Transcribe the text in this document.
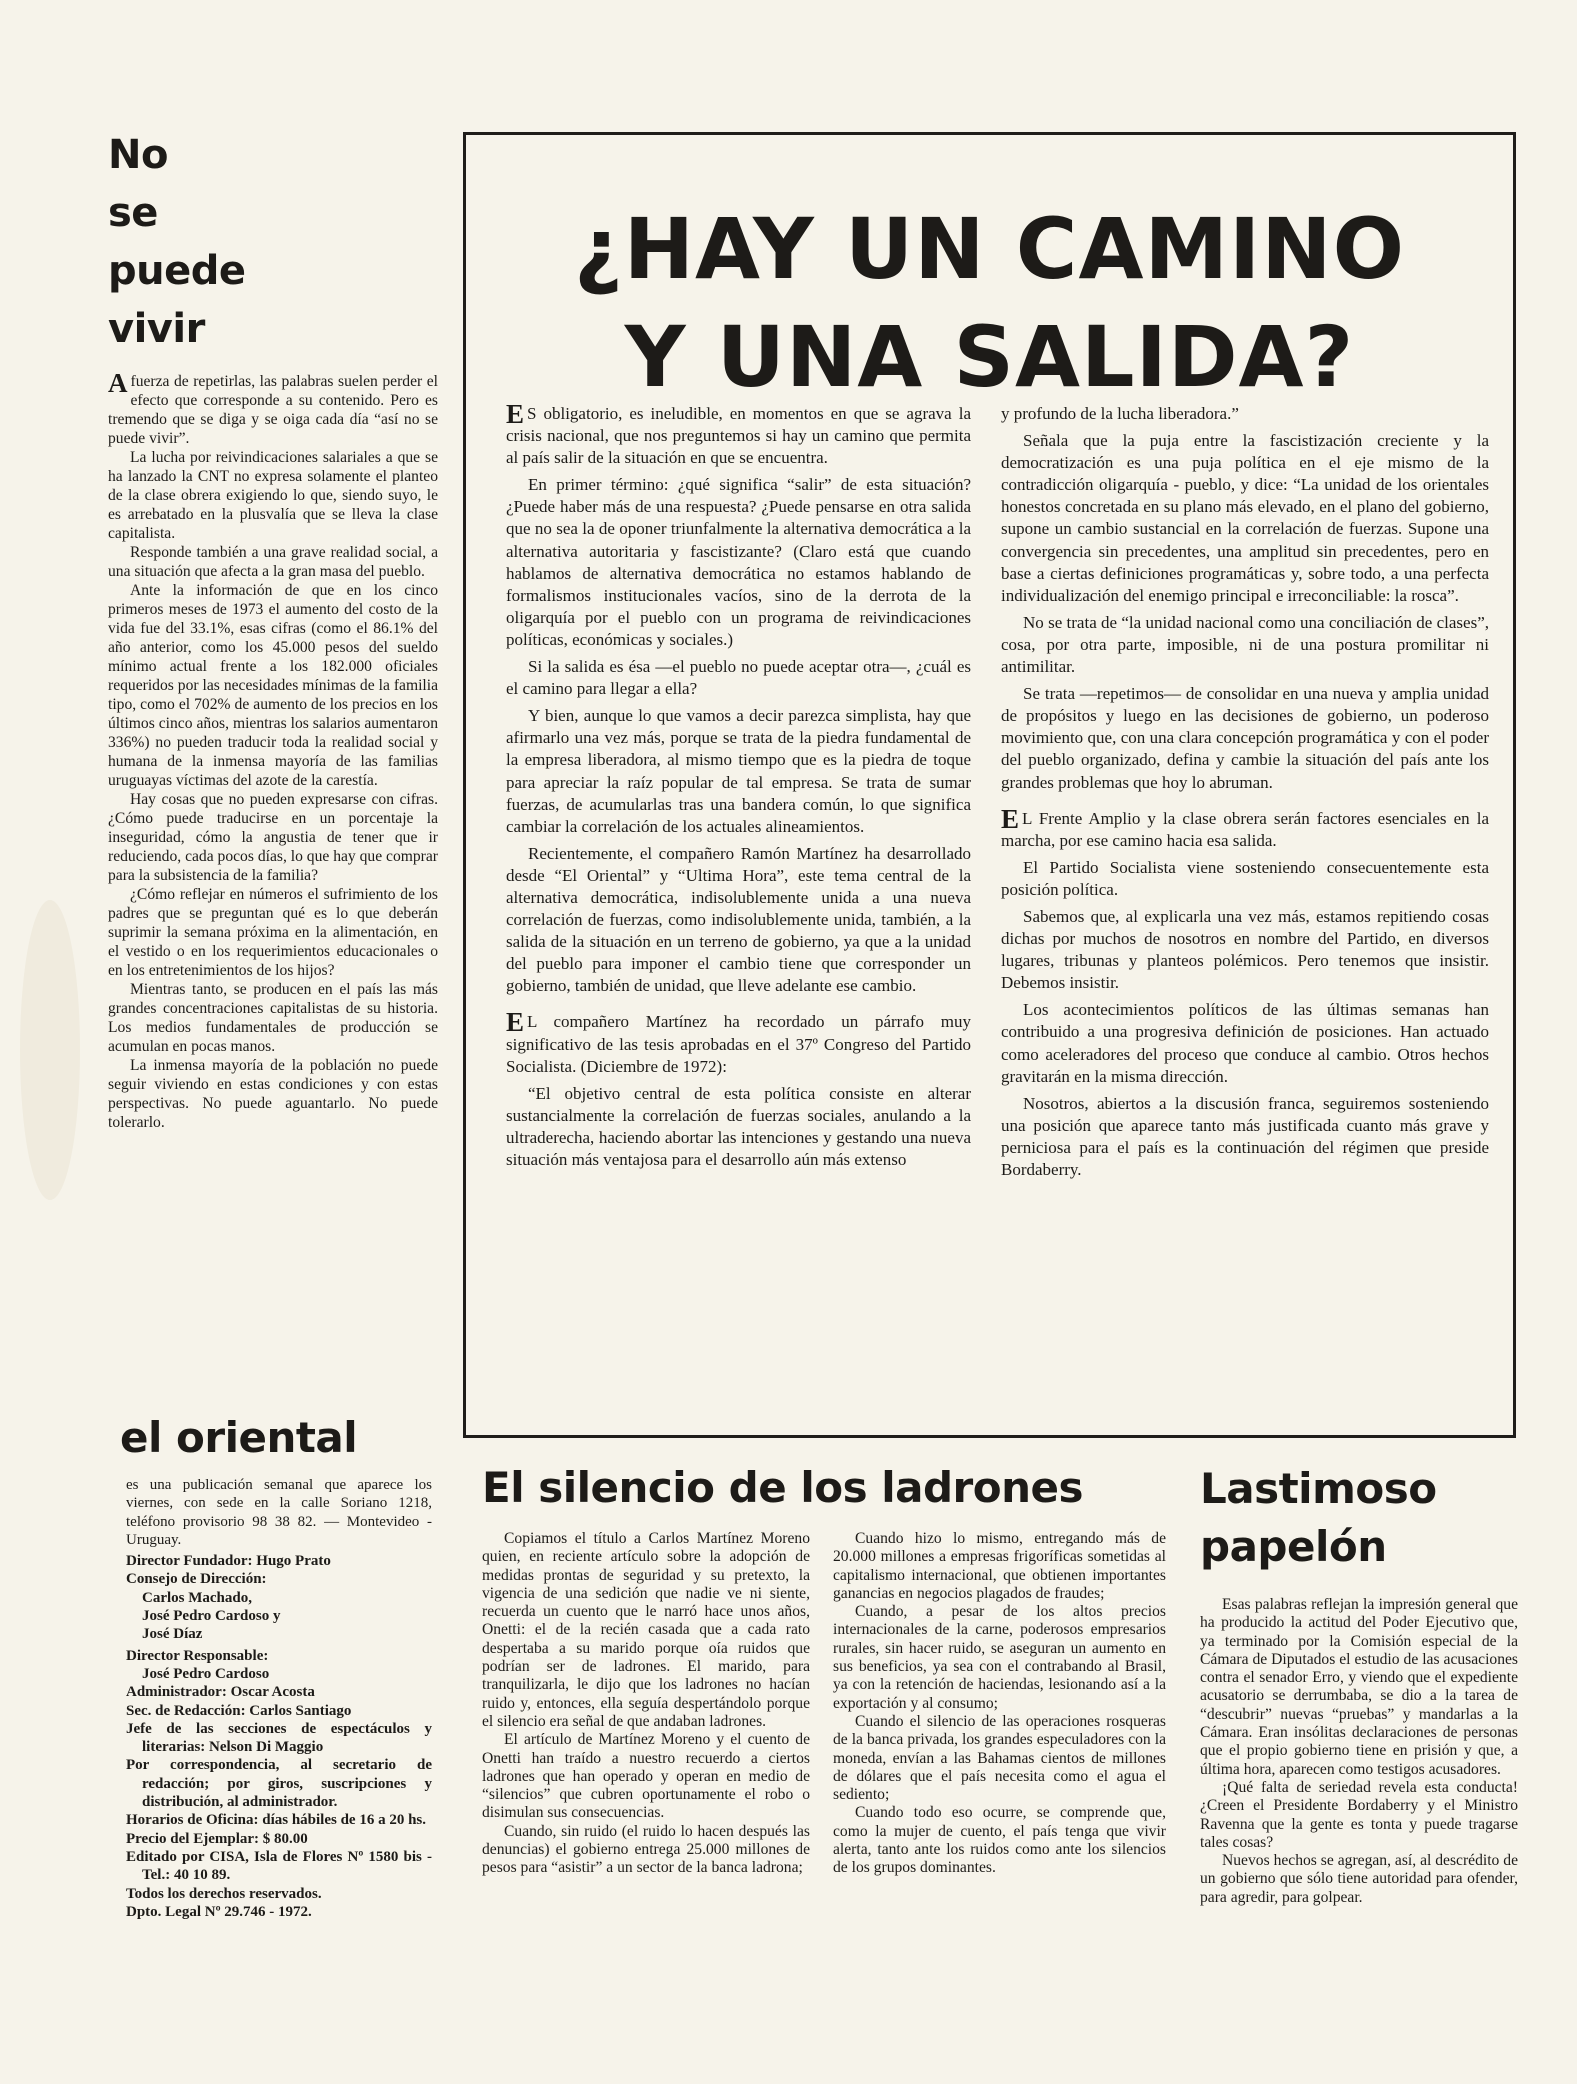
No
se
puede
vivir

Afuerza de repetirlas, las palabras suelen perder el efecto que corresponde a su contenido. Pero es tremendo que se diga y se oiga cada día “así no se puede vivir”.

La lucha por reivindicaciones salariales a que se ha lanzado la CNT no expresa solamente el planteo de la clase obrera exigiendo lo que, siendo suyo, le es arrebatado en la plusvalía que se lleva la clase capitalista.

Responde también a una grave realidad social, a una situación que afecta a la gran masa del pueblo.

Ante la información de que en los cinco primeros meses de 1973 el aumento del costo de la vida fue del 33.1%, esas cifras (como el 86.1% del año anterior, como los 45.000 pesos del sueldo mínimo actual frente a los 182.000 oficiales requeridos por las necesidades mínimas de la familia tipo, como el 702% de aumento de los precios en los últimos cinco años, mientras los salarios aumentaron 336%) no pueden traducir toda la realidad social y humana de la inmensa mayoría de las familias uruguayas víctimas del azote de la carestía.

Hay cosas que no pueden expresarse con cifras. ¿Cómo puede traducirse en un porcentaje la inseguridad, cómo la angustia de tener que ir reduciendo, cada pocos días, lo que hay que comprar para la subsistencia de la familia?

¿Cómo reflejar en números el sufrimiento de los padres que se preguntan qué es lo que deberán suprimir la semana próxima en la alimentación, en el vestido o en los requerimientos educacionales o en los entretenimientos de los hijos?

Mientras tanto, se producen en el país las más grandes concentraciones capitalistas de su historia. Los medios fundamentales de producción se acumulan en pocas manos.

La inmensa mayoría de la población no puede seguir viviendo en estas condiciones y con estas perspectivas. No puede aguantarlo. No puede tolerarlo.

¿HAY UN CAMINO
Y UNA SALIDA?

E S obligatorio, es ineludible, en momentos en que se agrava la crisis nacional, que nos preguntemos si hay un camino que permita al país salir de la situación en que se encuentra.

En primer término: ¿qué significa “salir” de esta situación? ¿Puede haber más de una respuesta? ¿Puede pensarse en otra salida que no sea la de oponer triunfalmente la alternativa democrática a la alternativa autoritaria y fascistizante? (Claro está que cuando hablamos de alternativa democrática no estamos hablando de formalismos institucionales vacíos, sino de la derrota de la oligarquía por el pueblo con un programa de reivindicaciones políticas, económicas y sociales.)

Si la salida es ésa —el pueblo no puede aceptar otra—, ¿cuál es el camino para llegar a ella?

Y bien, aunque lo que vamos a decir parezca simplista, hay que afirmarlo una vez más, porque se trata de la piedra fundamental de la empresa liberadora, al mismo tiempo que es la piedra de toque para apreciar la raíz popular de tal empresa. Se trata de sumar fuerzas, de acumularlas tras una bandera común, lo que significa cambiar la correlación de los actuales alineamientos.

Recientemente, el compañero Ramón Martínez ha desarrollado desde “El Oriental” y “Ultima Hora”, este tema central de la alternativa democrática, indisolublemente unida a una nueva correlación de fuerzas, como indisolublemente unida, también, a la salida de la situación en un terreno de gobierno, ya que a la unidad del pueblo para imponer el cambio tiene que corresponder un gobierno, también de unidad, que lleve adelante ese cambio.

E L compañero Martínez ha recordado un párrafo muy significativo de las tesis aprobadas en el 37º Congreso del Partido Socialista. (Diciembre de 1972):

“El objetivo central de esta política consiste en alterar sustancialmente la correlación de fuerzas sociales, anulando a la ultraderecha, haciendo abortar las intenciones y gestando una nueva situación más ventajosa para el desarrollo aún más extenso

y profundo de la lucha liberadora.”

Señala que la puja entre la fascistización creciente y la democratización es una puja política en el eje mismo de la contradicción oligarquía - pueblo, y dice: “La unidad de los orientales honestos concretada en su plano más elevado, en el plano del gobierno, supone un cambio sustancial en la correlación de fuerzas. Supone una convergencia sin precedentes, una amplitud sin precedentes, pero en base a ciertas definiciones programáticas y, sobre todo, a una perfecta individualización del enemigo principal e irreconciliable: la rosca”.

No se trata de “la unidad nacional como una conciliación de clases”, cosa, por otra parte, imposible, ni de una postura promilitar ni antimilitar.

Se trata —repetimos— de consolidar en una nueva y amplia unidad de propósitos y luego en las decisiones de gobierno, un poderoso movimiento que, con una clara concepción programática y con el poder del pueblo organizado, defina y cambie la situación del país ante los grandes problemas que hoy lo abruman.

E L Frente Amplio y la clase obrera serán factores esenciales en la marcha, por ese camino hacia esa salida.

El Partido Socialista viene sosteniendo consecuentemente esta posición política.

Sabemos que, al explicarla una vez más, estamos repitiendo cosas dichas por muchos de nosotros en nombre del Partido, en diversos lugares, tribunas y planteos polémicos. Pero tenemos que insistir. Debemos insistir.

Los acontecimientos políticos de las últimas semanas han contribuido a una progresiva definición de posiciones. Han actuado como aceleradores del proceso que conduce al cambio. Otros hechos gravitarán en la misma dirección.

Nosotros, abiertos a la discusión franca, seguiremos sosteniendo una posición que aparece tanto más justificada cuanto más grave y perniciosa para el país es la continuación del régimen que preside Bordaberry.

el oriental

es una publicación semanal que aparece los viernes, con sede en la calle Soriano 1218, teléfono provisorio 98 38 82. — Montevideo - Uruguay.

Director Fundador: Hugo Prato

Consejo de Dirección:

Carlos Machado,

José Pedro Cardoso y

José Díaz

Director Responsable:

José Pedro Cardoso

Administrador: Oscar Acosta

Sec. de Redacción: Carlos Santiago

Jefe de las secciones de espectáculos y literarias: Nelson Di Maggio

Por correspondencia, al secretario de redacción; por giros, suscripciones y distribución, al administrador.

Horarios de Oficina: días hábiles de 16 a 20 hs.

Precio del Ejemplar: $ 80.00

Editado por CISA, Isla de Flores Nº 1580 bis - Tel.: 40 10 89.

Todos los derechos reservados.

Dpto. Legal Nº 29.746 - 1972.

El silencio de los ladrones

Copiamos el título a Carlos Martínez Moreno quien, en reciente artículo sobre la adopción de medidas prontas de seguridad y su pretexto, la vigencia de una sedición que nadie ve ni siente, recuerda un cuento que le narró hace unos años, Onetti: el de la recién casada que a cada rato despertaba a su marido porque oía ruidos que podrían ser de ladrones. El marido, para tranquilizarla, le dijo que los ladrones no hacían ruido y, entonces, ella seguía despertándolo porque el silencio era señal de que andaban ladrones.

El artículo de Martínez Moreno y el cuento de Onetti han traído a nuestro recuerdo a ciertos ladrones que han operado y operan en medio de “silencios” que cubren oportunamente el robo o disimulan sus consecuencias.

Cuando, sin ruido (el ruido lo hacen después las denuncias) el gobierno entrega 25.000 millones de pesos para “asistir” a un sector de la banca ladrona;

Cuando hizo lo mismo, entregando más de 20.000 millones a empresas frigoríficas sometidas al capitalismo internacional, que obtienen importantes ganancias en negocios plagados de fraudes;

Cuando, a pesar de los altos precios internacionales de la carne, poderosos empresarios rurales, sin hacer ruido, se aseguran un aumento en sus beneficios, ya sea con el contrabando al Brasil, ya con la retención de haciendas, lesionando así a la exportación y al consumo;

Cuando el silencio de las operaciones rosqueras de la banca privada, los grandes especuladores con la moneda, envían a las Bahamas cientos de millones de dólares que el país necesita como el agua el sediento;

Cuando todo eso ocurre, se comprende que, como la mujer de cuento, el país tenga que vivir alerta, tanto ante los ruidos como ante los silencios de los grupos dominantes.

Lastimoso
papelón

Esas palabras reflejan la impresión general que ha producido la actitud del Poder Ejecutivo que, ya terminado por la Comisión especial de la Cámara de Diputados el estudio de las acusaciones contra el senador Erro, y viendo que el expediente acusatorio se derrumbaba, se dio a la tarea de “descubrir” nuevas “pruebas” y mandarlas a la Cámara. Eran insólitas declaraciones de personas que el propio gobierno tiene en prisión y que, a última hora, aparecen como testigos acusadores.

¡Qué falta de seriedad revela esta conducta! ¿Creen el Presidente Bordaberry y el Ministro Ravenna que la gente es tonta y puede tragarse tales cosas?

Nuevos hechos se agregan, así, al descrédito de un gobierno que sólo tiene autoridad para ofender, para agredir, para golpear.
